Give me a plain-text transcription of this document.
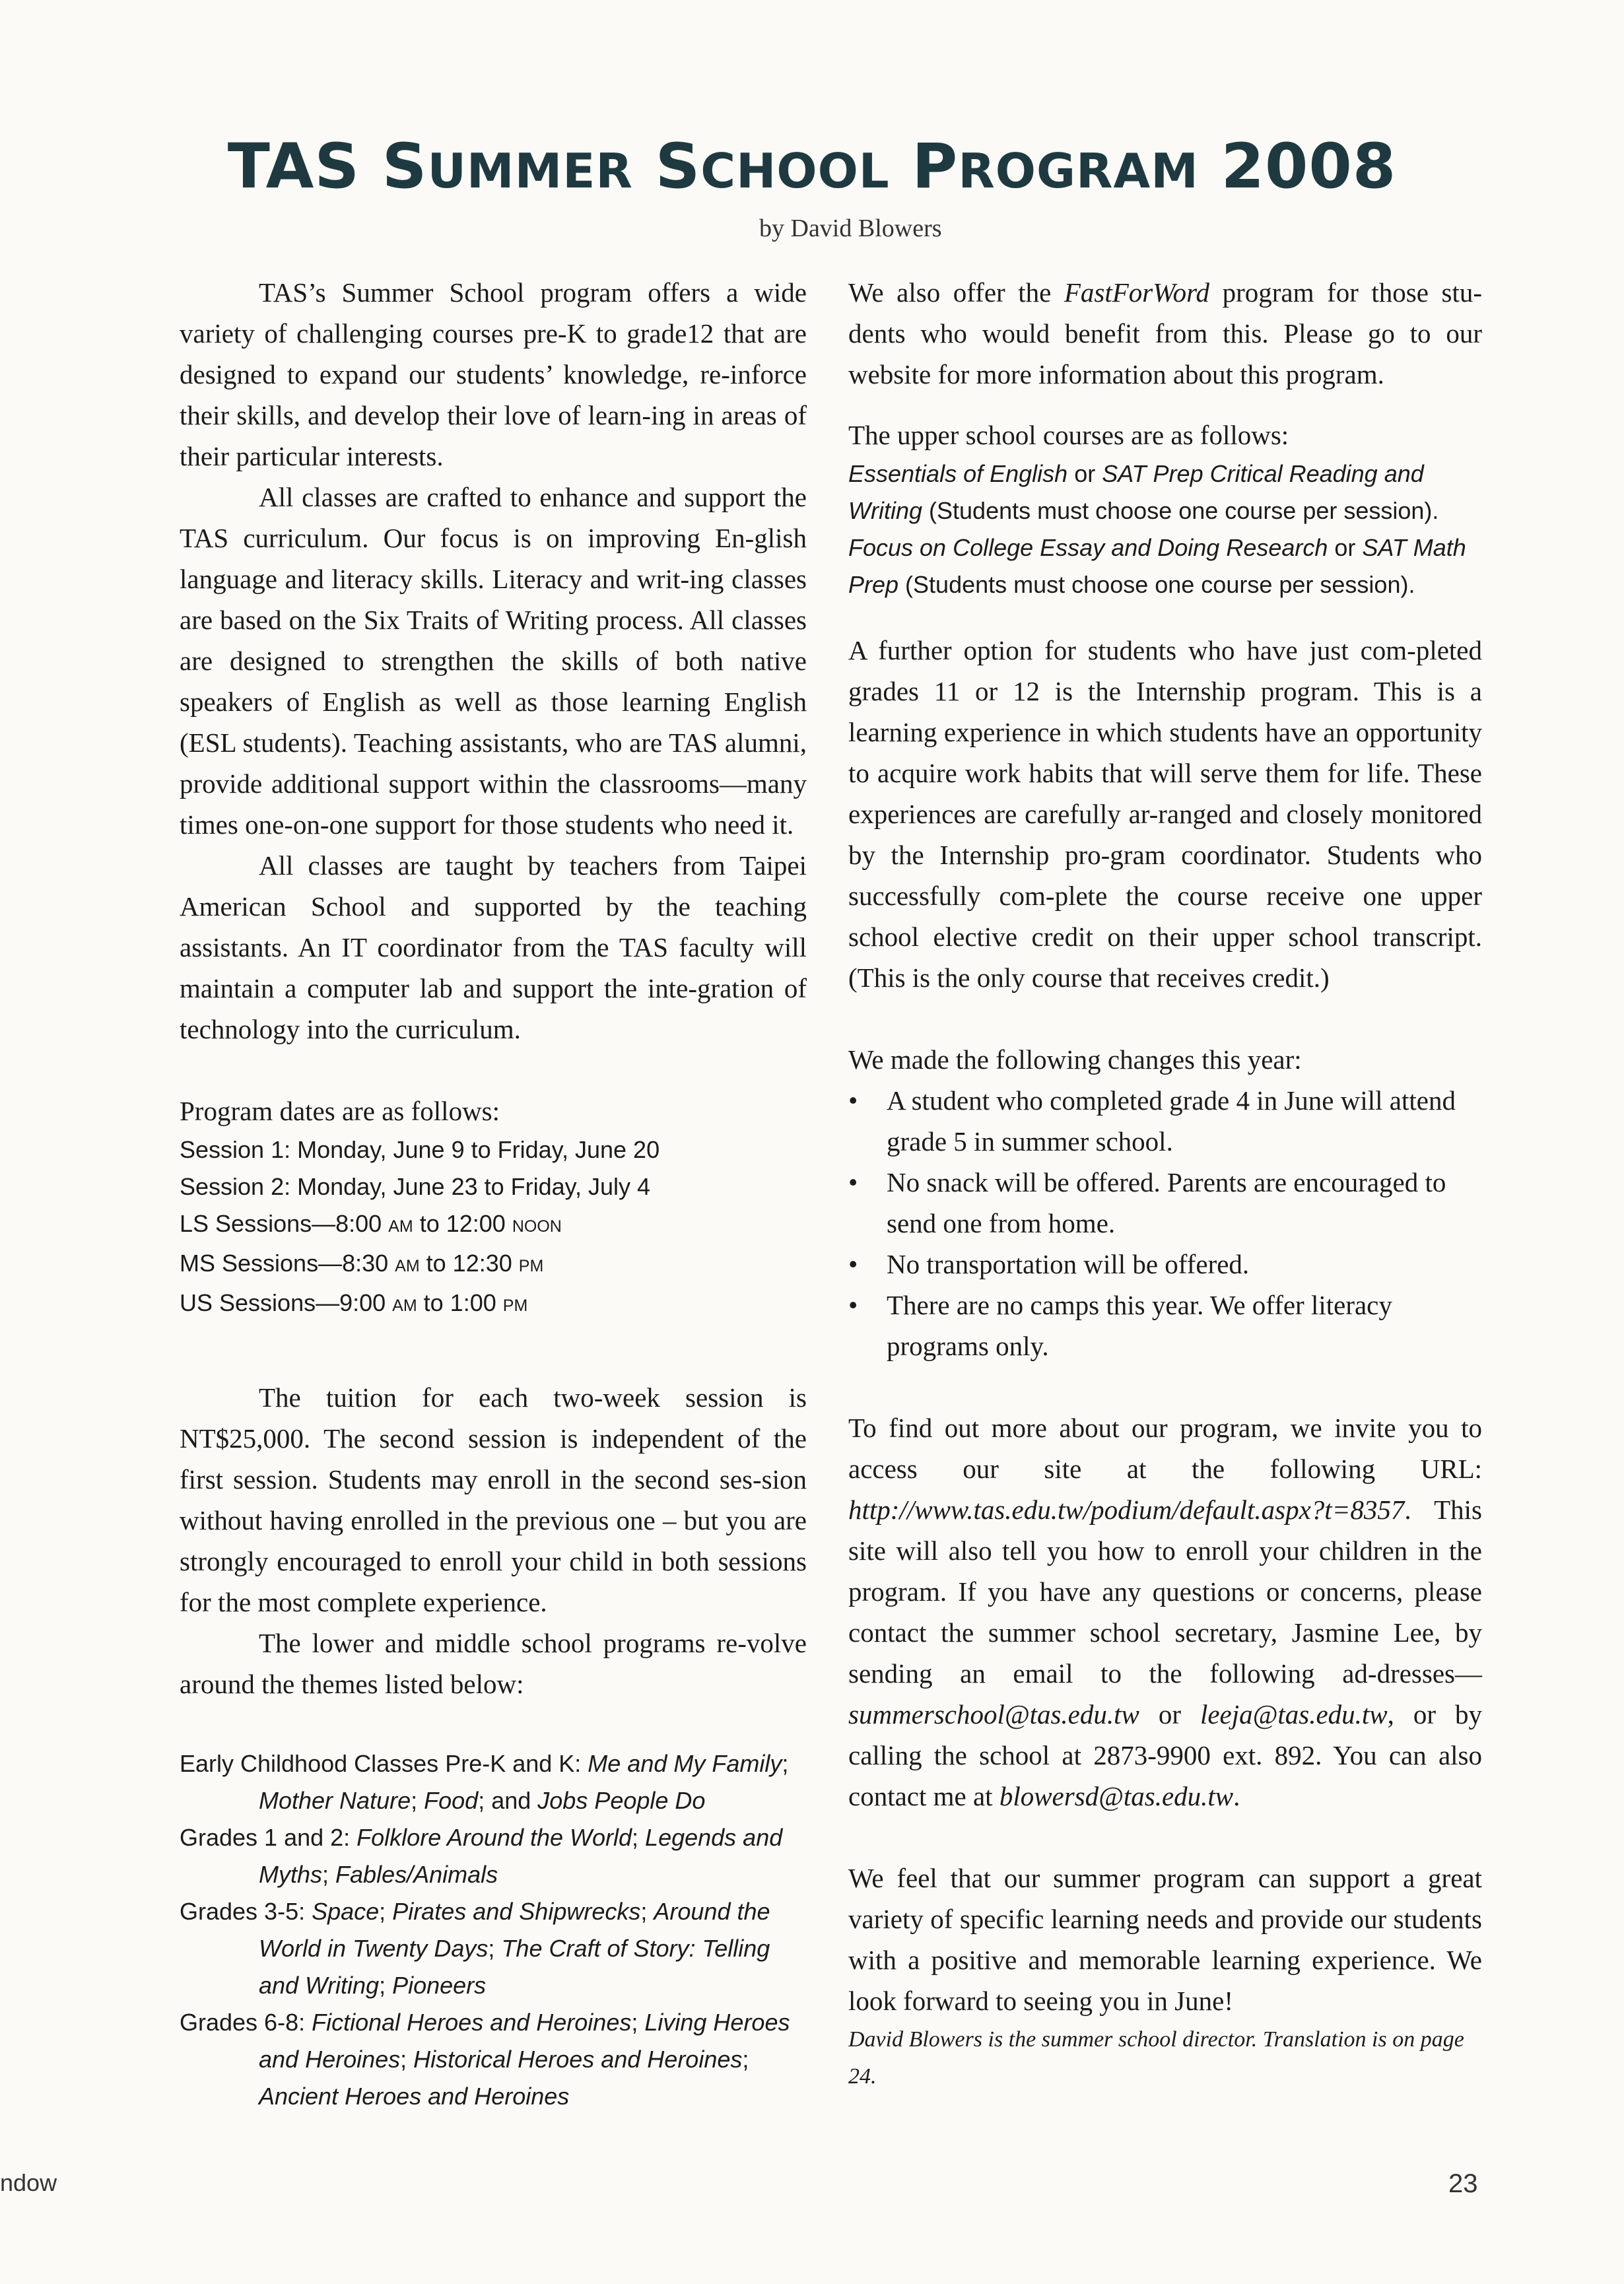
TAS SUMMER SCHOOL PROGRAM 2008
by David Blowers

TAS’s Summer School program offers a wide variety of challenging courses pre-K to grade12 that are designed to expand our students’ knowledge, re-inforce their skills, and develop their love of learn-ing in areas of their particular interests.

All classes are crafted to enhance and support the TAS curriculum. Our focus is on improving En-glish language and literacy skills. Literacy and writ-ing classes are based on the Six Traits of Writing process. All classes are designed to strengthen the skills of both native speakers of English as well as those learning English (ESL students). Teaching assistants, who are TAS alumni, provide additional support within the classrooms—many times one-on-one support for those students who need it.

All classes are taught by teachers from Taipei American School and supported by the teaching assistants. An IT coordinator from the TAS faculty will maintain a computer lab and support the inte-gration of technology into the curriculum.

Program dates are as follows:

Session 1: Monday, June 9 to Friday, June 20
Session 2: Monday, June 23 to Friday, July 4
LS Sessions—8:00 AM to 12:00 NOON
MS Sessions—8:30 AM to 12:30 PM
US Sessions—9:00 AM to 1:00 PM

The tuition for each two-week session is NT$25,000. The second session is independent of the first session. Students may enroll in the second ses-sion without having enrolled in the previous one – but you are strongly encouraged to enroll your child in both sessions for the most complete experience.

The lower and middle school programs re-volve around the themes listed below:

Early Childhood Classes Pre-K and K: Me and My Family; Mother Nature; Food; and Jobs People Do
Grades 1 and 2: Folklore Around the World; Legends and Myths; Fables/Animals
Grades 3-5: Space; Pirates and Shipwrecks; Around the World in Twenty Days; The Craft of Story: Telling and Writing; Pioneers
Grades 6-8: Fictional Heroes and Heroines; Living Heroes and Heroines; Historical Heroes and Heroines; Ancient Heroes and Heroines

We also offer the FastForWord program for those stu-dents who would benefit from this. Please go to our website for more information about this program.

The upper school courses are as follows:

Essentials of English or SAT Prep Critical Reading and Writing (Students must choose one course per session).
Focus on College Essay and Doing Research or SAT Math Prep (Students must choose one course per session).

A further option for students who have just com-pleted grades 11 or 12 is the Internship program. This is a learning experience in which students have an opportunity to acquire work habits that will serve them for life. These experiences are carefully ar-ranged and closely monitored by the Internship pro-gram coordinator. Students who successfully com-plete the course receive one upper school elective credit on their upper school transcript. (This is the only course that receives credit.)

We made the following changes this year:

• A student who completed grade 4 in June will attend grade 5 in summer school.
• No snack will be offered. Parents are encouraged to send one from home.
• No transportation will be offered.
• There are no camps this year. We offer literacy programs only.

To find out more about our program, we invite you to access our site at the following URL: http://www.tas.edu.tw/podium/default.aspx?t=8357. This site will also tell you how to enroll your children in the program. If you have any questions or concerns, please contact the summer school secretary, Jasmine Lee, by sending an email to the following ad-dresses— summerschool@tas.edu.tw or leeja@tas.edu.tw, or by calling the school at 2873-9900 ext. 892. You can also contact me at blowersd@tas.edu.tw.

We feel that our summer program can support a great variety of specific learning needs and provide our students with a positive and memorable learning experience. We look forward to seeing you in June!

David Blowers is the summer school director. Translation is on page 24.

ndow	23
